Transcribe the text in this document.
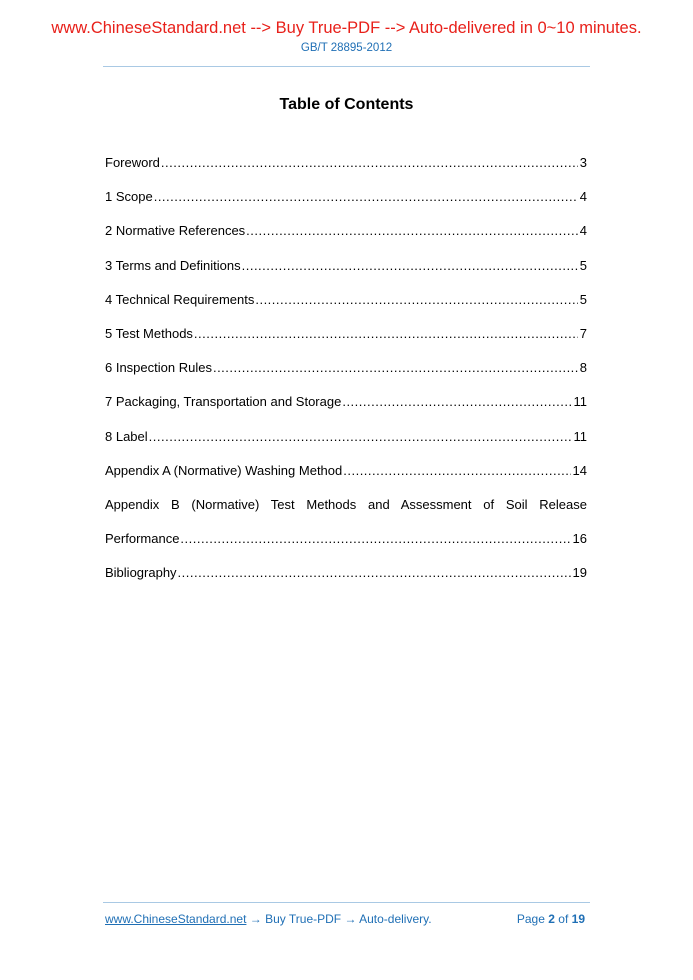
www.ChineseStandard.net --> Buy True-PDF --> Auto-delivered in 0~10 minutes.
GB/T 28895-2012
Table of Contents
Foreword .....	3
1 Scope .....	4
2 Normative References .....	4
3 Terms and Definitions .....	5
4 Technical Requirements .....	5
5 Test Methods .....	7
6 Inspection Rules .....	8
7 Packaging, Transportation and Storage .....	11
8 Label .....	11
Appendix A (Normative) Washing Method .....	14
Appendix B (Normative) Test Methods and Assessment of Soil Release
Performance .....	16
Bibliography .....	19
www.ChineseStandard.net → Buy True-PDF → Auto-delivery.	Page 2 of 19
